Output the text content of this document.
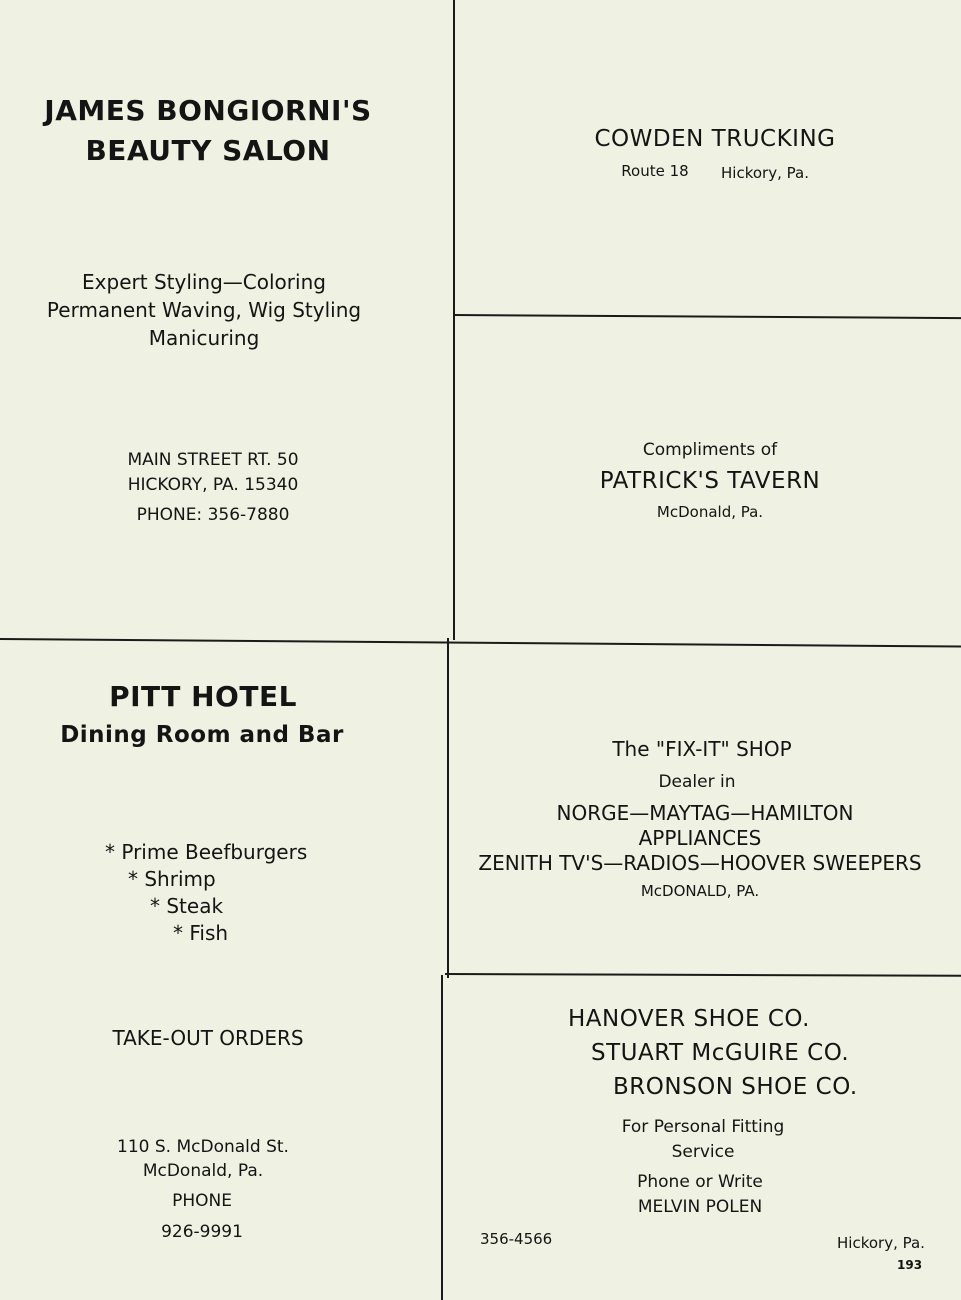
JAMES BONGIORNI'S
BEAUTY SALON
Expert Styling—Coloring
Permanent Waving, Wig Styling
Manicuring
MAIN STREET RT. 50
HICKORY, PA. 15340
PHONE: 356-7880
COWDEN TRUCKING
Route 18	Hickory, Pa.
Compliments of
PATRICK'S TAVERN
McDonald, Pa.
PITT HOTEL
Dining Room and Bar
* Prime Beefburgers
* Shrimp
* Steak
* Fish
TAKE-OUT ORDERS
110 S. McDonald St.
McDonald, Pa.
PHONE
926-9991
The "FIX-IT" SHOP
Dealer in
NORGE—MAYTAG—HAMILTON
APPLIANCES
ZENITH TV'S—RADIOS—HOOVER SWEEPERS
McDONALD, PA.
HANOVER SHOE CO.
STUART McGUIRE CO.
BRONSON SHOE CO.
For Personal Fitting
Service
Phone or Write
MELVIN POLEN
356-4566	Hickory, Pa.
193
